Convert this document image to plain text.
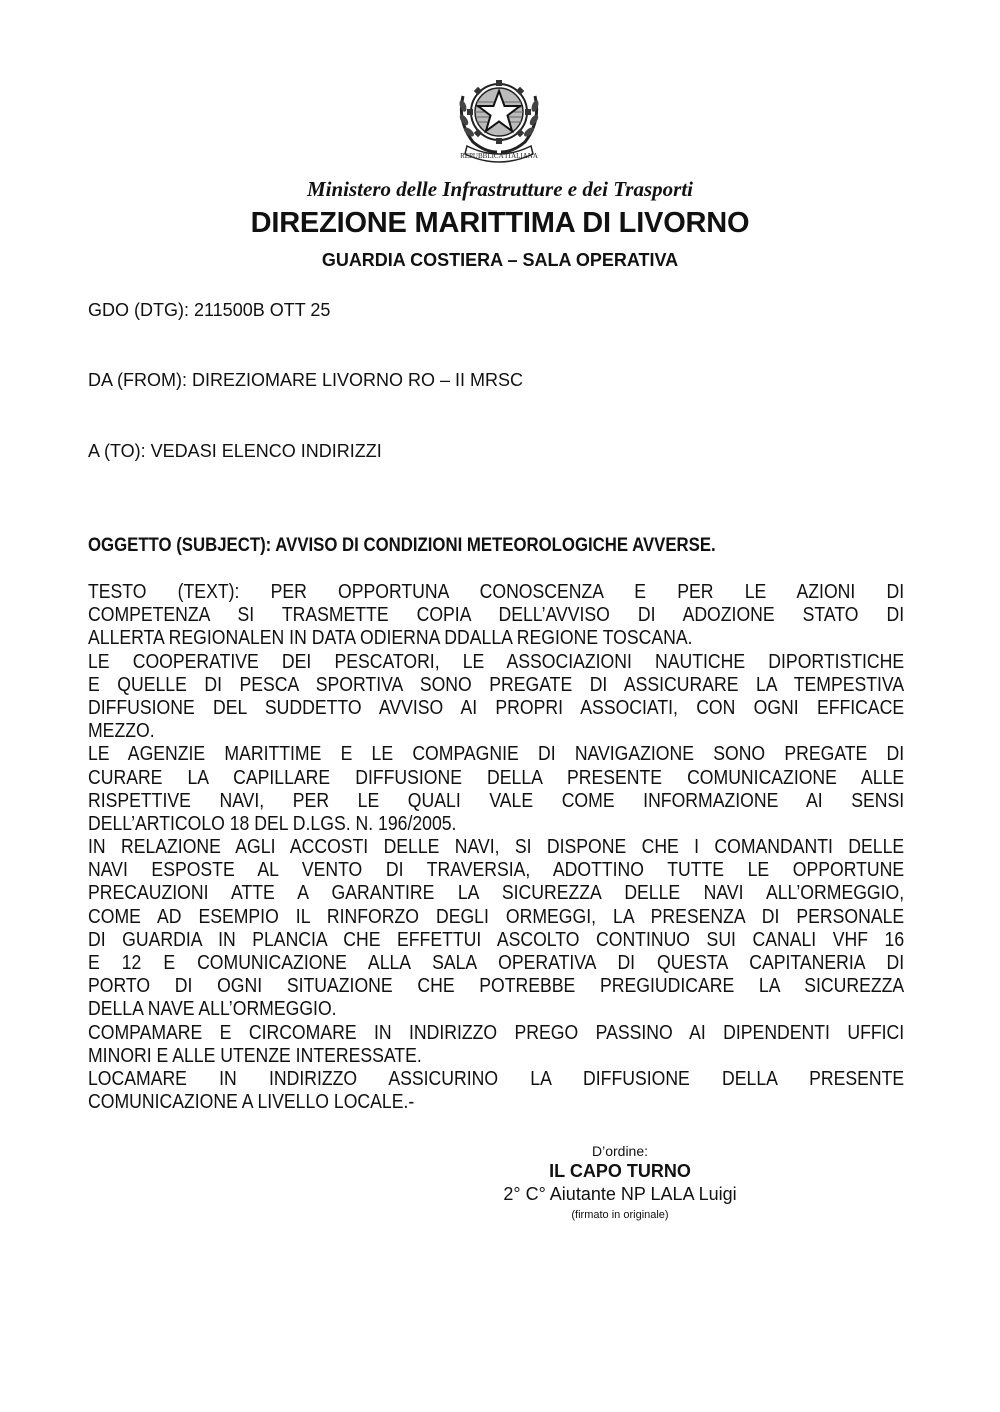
REPUBBLICA ITALIANA
Ministero delle Infrastrutture e dei Trasporti
DIREZIONE MARITTIMA DI LIVORNO
GUARDIA COSTIERA – SALA OPERATIVA
GDO (DTG): 211500B OTT 25
DA (FROM): DIREZIOMARE LIVORNO RO – II MRSC
A (TO): VEDASI ELENCO INDIRIZZI
OGGETTO (SUBJECT): AVVISO DI CONDIZIONI METEOROLOGICHE AVVERSE.
TESTO (TEXT): PER OPPORTUNA CONOSCENZA E PER LE AZIONI DI
COMPETENZA SI TRASMETTE COPIA DELL’AVVISO DI ADOZIONE STATO DI
ALLERTA REGIONALEN IN DATA ODIERNA DDALLA REGIONE TOSCANA.
LE COOPERATIVE DEI PESCATORI, LE ASSOCIAZIONI NAUTICHE DIPORTISTICHE
E QUELLE DI PESCA SPORTIVA SONO PREGATE DI ASSICURARE LA TEMPESTIVA
DIFFUSIONE DEL SUDDETTO AVVISO AI PROPRI ASSOCIATI, CON OGNI EFFICACE
MEZZO.
LE AGENZIE MARITTIME E LE COMPAGNIE DI NAVIGAZIONE SONO PREGATE DI
CURARE LA CAPILLARE DIFFUSIONE DELLA PRESENTE COMUNICAZIONE ALLE
RISPETTIVE NAVI, PER LE QUALI VALE COME INFORMAZIONE AI SENSI
DELL’ARTICOLO 18 DEL D.LGS. N. 196/2005.
IN RELAZIONE AGLI ACCOSTI DELLE NAVI, SI DISPONE CHE I COMANDANTI DELLE
NAVI ESPOSTE AL VENTO DI TRAVERSIA, ADOTTINO TUTTE LE OPPORTUNE
PRECAUZIONI ATTE A GARANTIRE LA SICUREZZA DELLE NAVI ALL’ORMEGGIO,
COME AD ESEMPIO IL RINFORZO DEGLI ORMEGGI, LA PRESENZA DI PERSONALE
DI GUARDIA IN PLANCIA CHE EFFETTUI ASCOLTO CONTINUO SUI CANALI VHF 16
E 12 E COMUNICAZIONE ALLA SALA OPERATIVA DI QUESTA CAPITANERIA DI
PORTO DI OGNI SITUAZIONE CHE POTREBBE PREGIUDICARE LA SICUREZZA
DELLA NAVE ALL’ORMEGGIO.
COMPAMARE E CIRCOMARE IN INDIRIZZO PREGO PASSINO AI DIPENDENTI UFFICI
MINORI E ALLE UTENZE INTERESSATE.
LOCAMARE IN INDIRIZZO ASSICURINO LA DIFFUSIONE DELLA PRESENTE
COMUNICAZIONE A LIVELLO LOCALE.-
D’ordine:
IL CAPO TURNO
2° C° Aiutante NP LALA Luigi
(firmato in originale)
